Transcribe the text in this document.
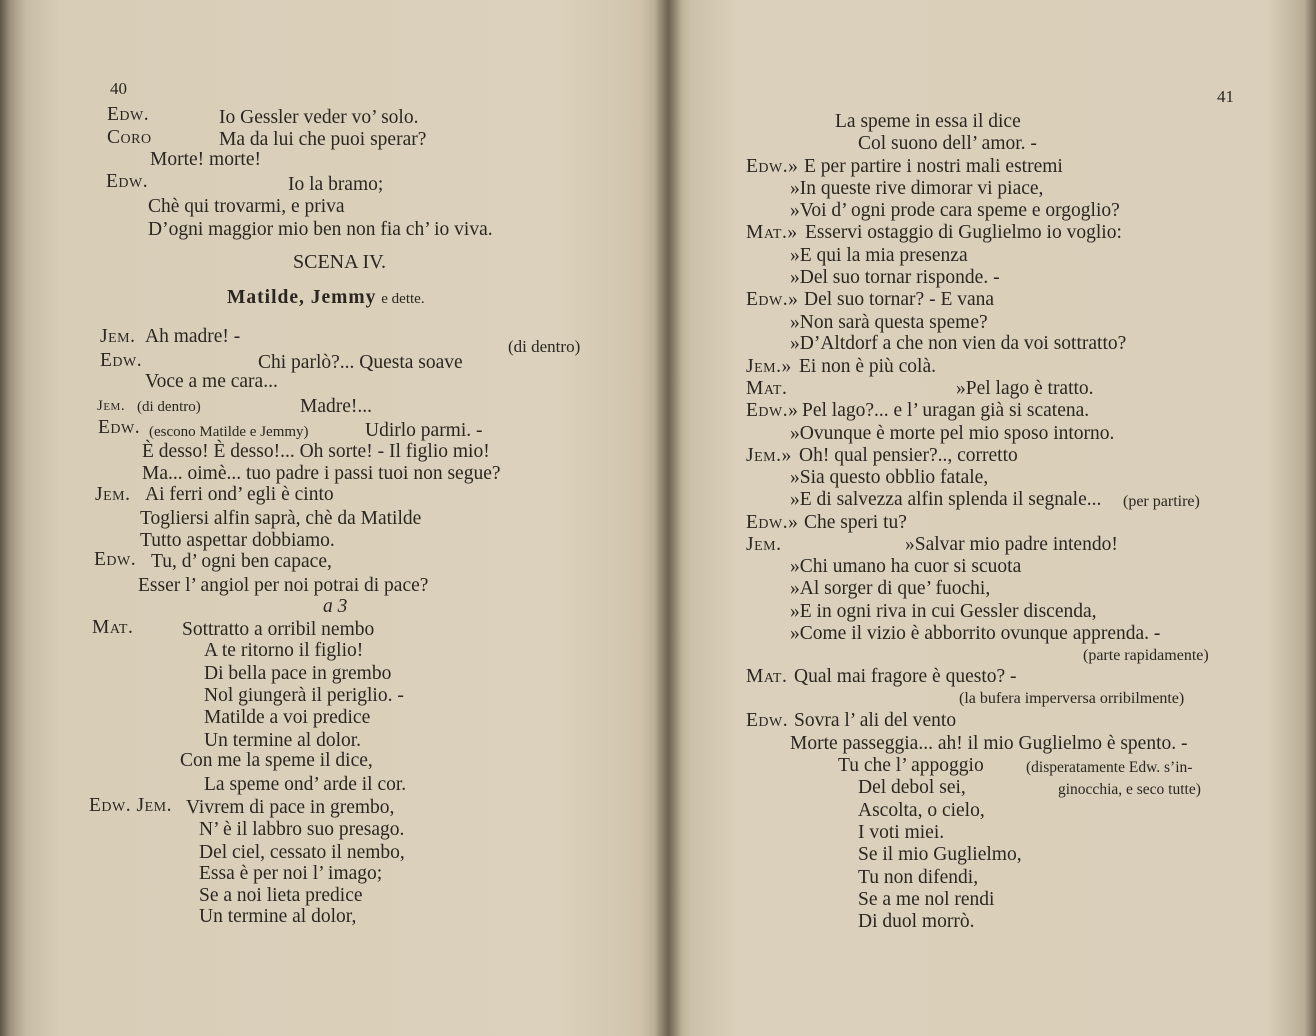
40
Edw.	Io Gessler veder vo’ solo.
Coro	Ma da lui che puoi sperar?
Morte! morte!
Edw.	Io la bramo;
Chè qui trovarmi, e priva
D’ogni maggior mio ben non fia ch’ io viva.
SCENA IV.
Matilde, Jemmy e dette.
Jem. Ah madre! -	(di dentro)
Edw.	Chi parlò?... Questa soave
Voce a me cara...
Jem. (di dentro)	Madre!...
Edw. (escono Matilde e Jemmy)	Udirlo parmi. -
È desso! È desso!... Oh sorte! - Il figlio mio!
Ma... oimè... tuo padre i passi tuoi non segue?
Jem. Ai ferri ond’ egli è cinto
Togliersi alfin saprà, chè da Matilde
Tutto aspettar dobbiamo.
Edw. Tu, d’ ogni ben capace,
Esser l’ angiol per noi potrai di pace?
a 3
Mat. Sottratto a orribil nembo
A te ritorno il figlio!
Di bella pace in grembo
Nol giungerà il periglio. -
Matilde a voi predice
Un termine al dolor.
Con me la speme il dice,
La speme ond’ arde il cor.
Edw. Jem. Vivrem di pace in grembo,
N’ è il labbro suo presago.
Del ciel, cessato il nembo,
Essa è per noi l’ imago;
Se a noi lieta predice
Un termine al dolor,
41
La speme in essa il dice
Col suono dell’ amor. -
Edw.» E per partire i nostri mali estremi
»In queste rive dimorar vi piace,
»Voi d’ ogni prode cara speme e orgoglio?
Mat.» Esservi ostaggio di Guglielmo io voglio:
»E qui la mia presenza
»Del suo tornar risponde. -
Edw.» Del suo tornar? - E vana
»Non sarà questa speme?
»D’Altdorf a che non vien da voi sottratto?
Jem.» Ei non è più colà.
Mat.	»Pel lago è tratto.
Edw.» Pel lago?... e l’ uragan già si scatena.
»Ovunque è morte pel mio sposo intorno.
Jem.» Oh! qual pensier?.., corretto
»Sia questo obblio fatale,
»E di salvezza alfin splenda il segnale... (per partire)
Edw.» Che speri tu?
Jem.	»Salvar mio padre intendo!
»Chi umano ha cuor si scuota
»Al sorger di que’ fuochi,
»E in ogni riva in cui Gessler discenda,
»Come il vizio è abborrito ovunque apprenda. -
(parte rapidamente)
Mat. Qual mai fragore è questo? -
(la bufera imperversa orribilmente)
Edw. Sovra l’ ali del vento
Morte passeggia... ah! il mio Guglielmo è spento. -
Tu che l’ appoggio	(disperatamente Edw. s’in-
Del debol sei,	ginocchia, e seco tutte)
Ascolta, o cielo,
I voti miei.
Se il mio Guglielmo,
Tu non difendi,
Se a me nol rendi
Di duol morrò.
